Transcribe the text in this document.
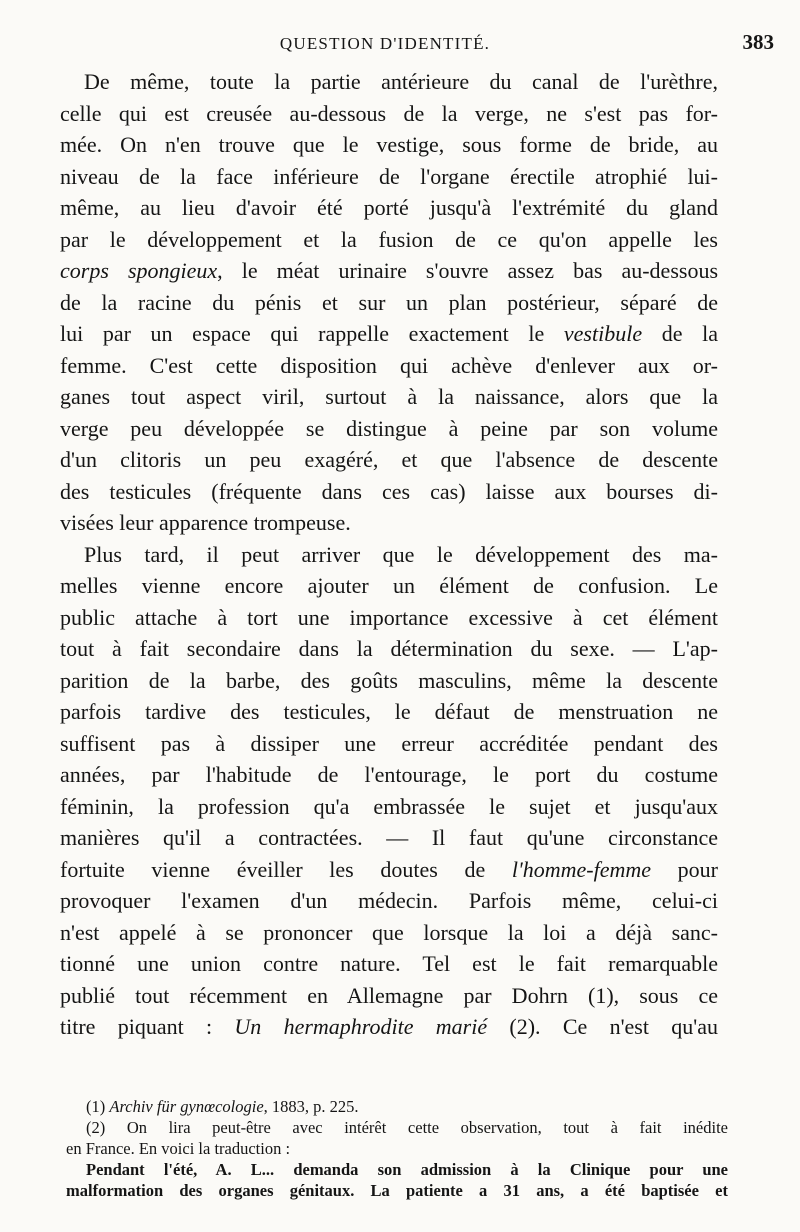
QUESTION D'IDENTITÉ.	383
De même, toute la partie antérieure du canal de l'urèthre,
celle qui est creusée au-dessous de la verge, ne s'est pas for-
mée. On n'en trouve que le vestige, sous forme de bride, au
niveau de la face inférieure de l'organe érectile atrophié lui-
même, au lieu d'avoir été porté jusqu'à l'extrémité du gland
par le développement et la fusion de ce qu'on appelle les
corps spongieux, le méat urinaire s'ouvre assez bas au-dessous
de la racine du pénis et sur un plan postérieur, séparé de
lui par un espace qui rappelle exactement le vestibule de la
femme. C'est cette disposition qui achève d'enlever aux or-
ganes tout aspect viril, surtout à la naissance, alors que la
verge peu développée se distingue à peine par son volume
d'un clitoris un peu exagéré, et que l'absence de descente
des testicules (fréquente dans ces cas) laisse aux bourses di-
visées leur apparence trompeuse.
Plus tard, il peut arriver que le développement des ma-
melles vienne encore ajouter un élément de confusion. Le
public attache à tort une importance excessive à cet élément
tout à fait secondaire dans la détermination du sexe. — L'ap-
parition de la barbe, des goûts masculins, même la descente
parfois tardive des testicules, le défaut de menstruation ne
suffisent pas à dissiper une erreur accréditée pendant des
années, par l'habitude de l'entourage, le port du costume
féminin, la profession qu'a embrassée le sujet et jusqu'aux
manières qu'il a contractées. — Il faut qu'une circonstance
fortuite vienne éveiller les doutes de l'homme-femme pour
provoquer l'examen d'un médecin. Parfois même, celui-ci
n'est appelé à se prononcer que lorsque la loi a déjà sanc-
tionné une union contre nature. Tel est le fait remarquable
publié tout récemment en Allemagne par Dohrn (1), sous ce
titre piquant : Un hermaphrodite marié (2). Ce n'est qu'au
(1) Archiv für gynœcologie, 1883, p. 225.
(2) On lira peut-être avec intérêt cette observation, tout à fait inédite
en France. En voici la traduction :
Pendant l'été, A. L... demanda son admission à la Clinique pour une
malformation des organes génitaux. La patiente a 31 ans, a été baptisée et
